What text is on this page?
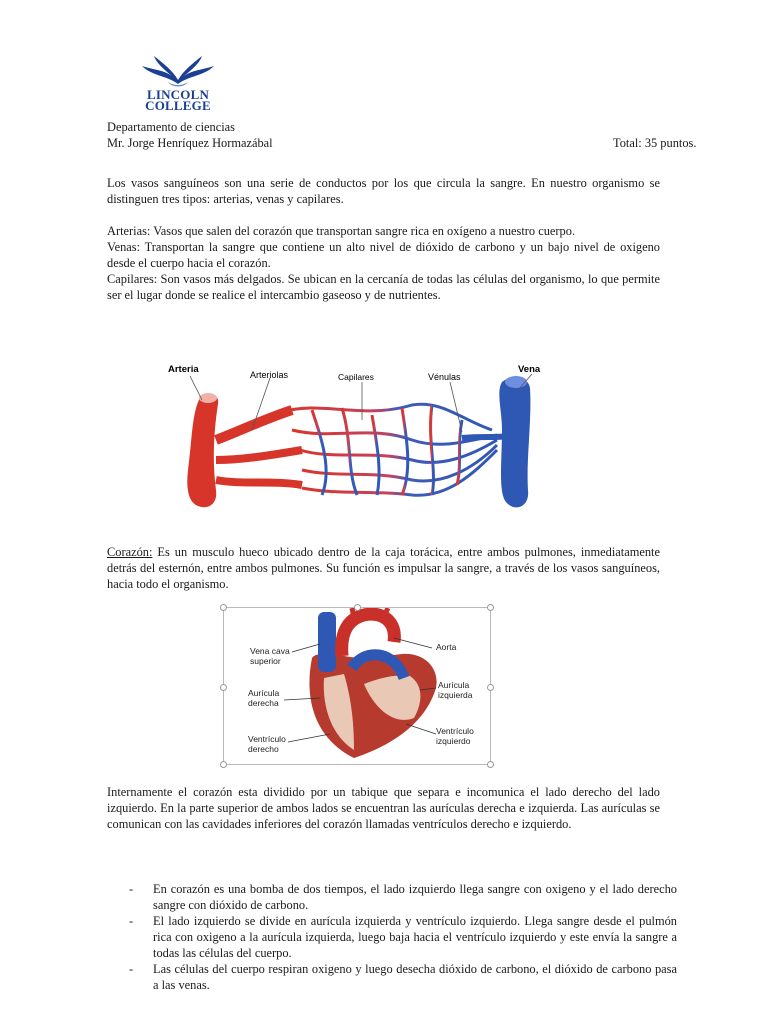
LINCOLN
COLLEGE
Departamento de ciencias
Mr. Jorge Henríquez Hormazábal	Total: 35 puntos.

Los vasos sanguíneos son una serie de conductos por los que circula la sangre. En nuestro organismo se distinguen tres tipos: arterias, venas y capilares.

Arterias: Vasos que salen del corazón que transportan sangre rica en oxígeno a nuestro cuerpo.

Venas: Transportan la sangre que contiene un alto nivel de dióxido de carbono y un bajo nivel de oxigeno desde el cuerpo hacia el corazón.

Capilares: Son vasos más delgados. Se ubican en la cercanía de todas las células del organismo, lo que permite ser el lugar donde se realice el intercambio gaseoso y de nutrientes.

Arteria	Arteriolas	Capilares	Vénulas
Vena

Corazón: Es un musculo hueco ubicado dentro de la caja torácica, entre ambos pulmones, inmediatamente detrás del esternón, entre ambos pulmones. Su función es impulsar la sangre, a través de los vasos sanguíneos, hacia todo el organismo.

Vena cava
superior
Aorta
Aurícula
derecha
Aurícula
izquierda
Ventrículo
derecho
Ventrículo
izquierdo

Internamente el corazón esta dividido por un tabique que separa e incomunica el lado derecho del lado izquierdo. En la parte superior de ambos lados se encuentran las aurículas derecha e izquierda. Las aurículas se comunican con las cavidades inferiores del corazón llamadas ventrículos derecho e izquierdo.

- En corazón es una bomba de dos tiempos, el lado izquierdo llega sangre con oxigeno y el lado derecho sangre con dióxido de carbono.
- El lado izquierdo se divide en aurícula izquierda y ventrículo izquierdo. Llega sangre desde el pulmón rica con oxigeno a la aurícula izquierda, luego baja hacia el ventrículo izquierdo y este envía la sangre a todas las células del cuerpo.
- Las células del cuerpo respiran oxigeno y luego desecha dióxido de carbono, el dióxido de carbono pasa a las venas.
